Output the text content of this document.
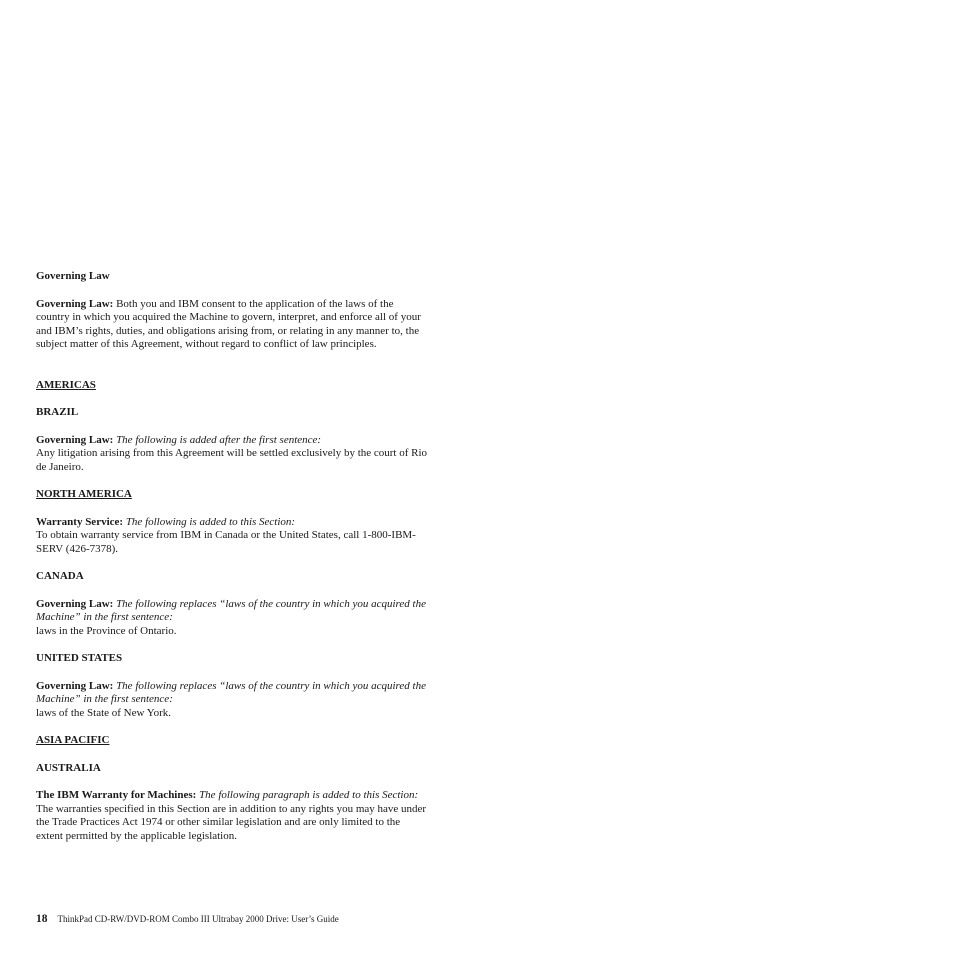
Governing Law

Governing Law: Both you and IBM consent to the application of the laws of the country in which you acquired the Machine to govern, interpret, and enforce all of your and IBM’s rights, duties, and obligations arising from, or relating in any manner to, the subject matter of this Agreement, without regard to conflict of law principles.

AMERICAS

BRAZIL

Governing Law: The following is added after the first sentence:
Any litigation arising from this Agreement will be settled exclusively by the court of Rio de Janeiro.

NORTH AMERICA

Warranty Service: The following is added to this Section:
To obtain warranty service from IBM in Canada or the United States, call 1-800-IBM-SERV (426-7378).

CANADA

Governing Law: The following replaces “laws of the country in which you acquired the Machine” in the first sentence:
laws in the Province of Ontario.

UNITED STATES

Governing Law: The following replaces “laws of the country in which you acquired the Machine” in the first sentence:
laws of the State of New York.

ASIA PACIFIC

AUSTRALIA

The IBM Warranty for Machines: The following paragraph is added to this Section:
The warranties specified in this Section are in addition to any rights you may have under the Trade Practices Act 1974 or other similar legislation and are only limited to the extent permitted by the applicable legislation.

18 ThinkPad CD-RW/DVD-ROM Combo III Ultrabay 2000 Drive: User’s Guide
